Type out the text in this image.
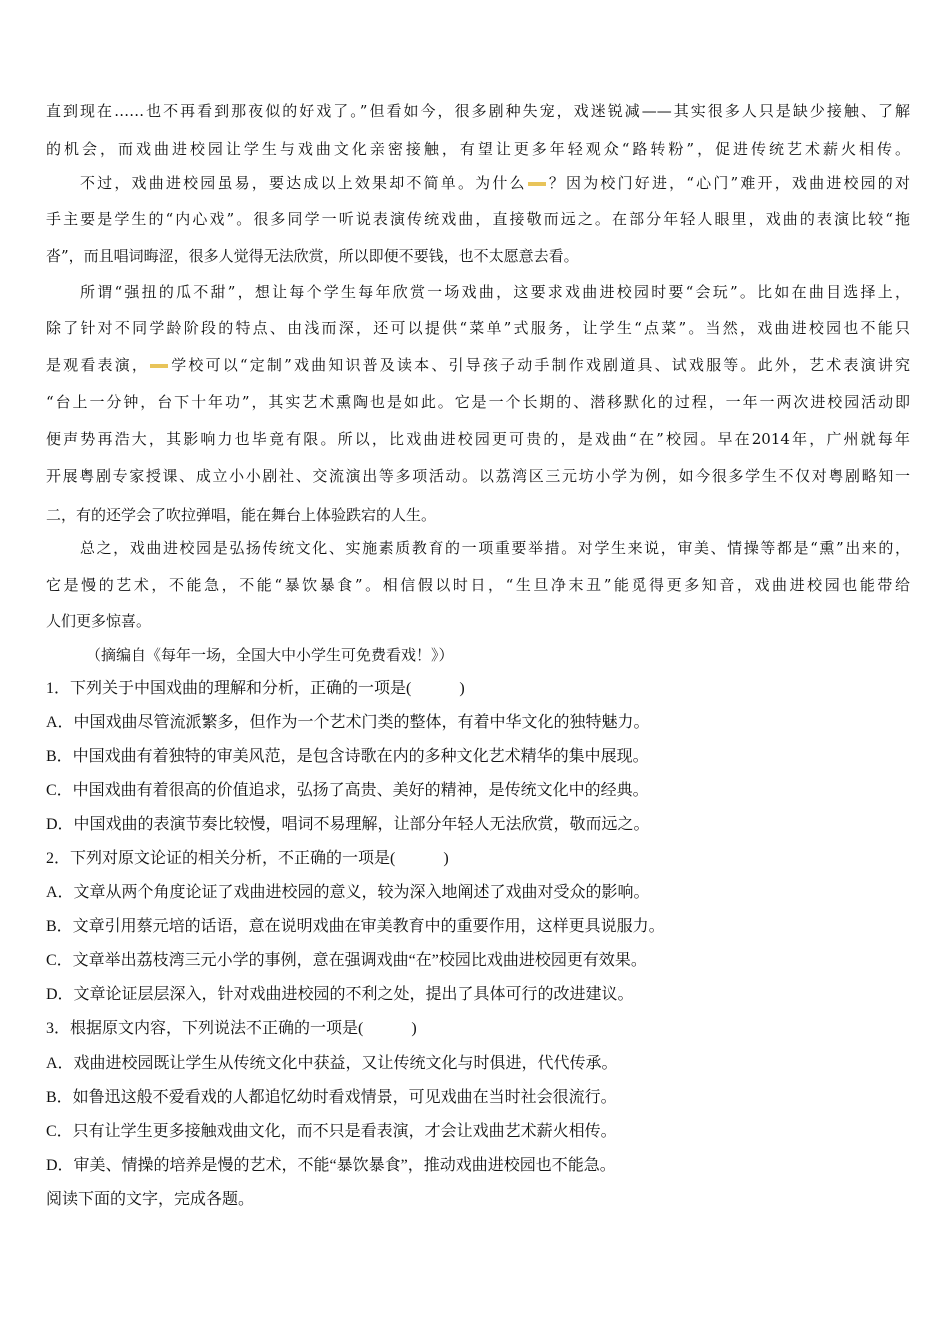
直到现在……也不再看到那夜似的好戏了。”但看如今，很多剧种失宠，戏迷锐减——其实很多人只是缺少接触、了解
的机会，而戏曲进校园让学生与戏曲文化亲密接触，有望让更多年轻观众“路转粉”，促进传统艺术薪火相传。
不过，戏曲进校园虽易，要达成以上效果却不简单。为什么 ？因为校门好进，“心门”难开，戏曲进校园的对
手主要是学生的“内心戏”。很多同学一听说表演传统戏曲，直接敬而远之。在部分年轻人眼里，戏曲的表演比较“拖
沓”，而且唱词晦涩，很多人觉得无法欣赏，所以即便不要钱，也不太愿意去看。
所谓“强扭的瓜不甜”，想让每个学生每年欣赏一场戏曲，这要求戏曲进校园时要“会玩”。比如在曲目选择上，
除了针对不同学龄阶段的特点、由浅而深，还可以提供“菜单”式服务，让学生“点菜”。当然，戏曲进校园也不能只
是观看表演， 学校可以“定制”戏曲知识普及读本、引导孩子动手制作戏剧道具、试戏服等。此外，艺术表演讲究
“台上一分钟，台下十年功”，其实艺术熏陶也是如此。它是一个长期的、潜移默化的过程，一年一两次进校园活动即
便声势再浩大，其影响力也毕竟有限。所以，比戏曲进校园更可贵的，是戏曲“在”校园。早在2014年，广州就每年
开展粤剧专家授课、成立小小剧社、交流演出等多项活动。以荔湾区三元坊小学为例，如今很多学生不仅对粤剧略知一
二，有的还学会了吹拉弹唱，能在舞台上体验跌宕的人生。
总之，戏曲进校园是弘扬传统文化、实施素质教育的一项重要举措。对学生来说，审美、情操等都是“熏”出来的，
它是慢的艺术，不能急，不能“暴饮暴食”。相信假以时日，“生旦净末丑”能觅得更多知音，戏曲进校园也能带给
人们更多惊喜。
（摘编自《每年一场，全国大中小学生可免费看戏！》）
1．下列关于中国戏曲的理解和分析，正确的一项是(　　　)
A．中国戏曲尽管流派繁多，但作为一个艺术门类的整体，有着中华文化的独特魅力。
B．中国戏曲有着独特的审美风范，是包含诗歌在内的多种文化艺术精华的集中展现。
C．中国戏曲有着很高的价值追求，弘扬了高贵、美好的精神，是传统文化中的经典。
D．中国戏曲的表演节奏比较慢，唱词不易理解，让部分年轻人无法欣赏，敬而远之。
2．下列对原文论证的相关分析，不正确的一项是(　　　)
A．文章从两个角度论证了戏曲进校园的意义，较为深入地阐述了戏曲对受众的影响。
B．文章引用蔡元培的话语，意在说明戏曲在审美教育中的重要作用，这样更具说服力。
C．文章举出荔枝湾三元小学的事例，意在强调戏曲“在”校园比戏曲进校园更有效果。
D．文章论证层层深入，针对戏曲进校园的不利之处，提出了具体可行的改进建议。
3．根据原文内容，下列说法不正确的一项是(　　　)
A．戏曲进校园既让学生从传统文化中获益，又让传统文化与时俱进，代代传承。
B．如鲁迅这般不爱看戏的人都追忆幼时看戏情景，可见戏曲在当时社会很流行。
C．只有让学生更多接触戏曲文化，而不只是看表演，才会让戏曲艺术薪火相传。
D．审美、情操的培养是慢的艺术，不能“暴饮暴食”，推动戏曲进校园也不能急。
阅读下面的文字，完成各题。
